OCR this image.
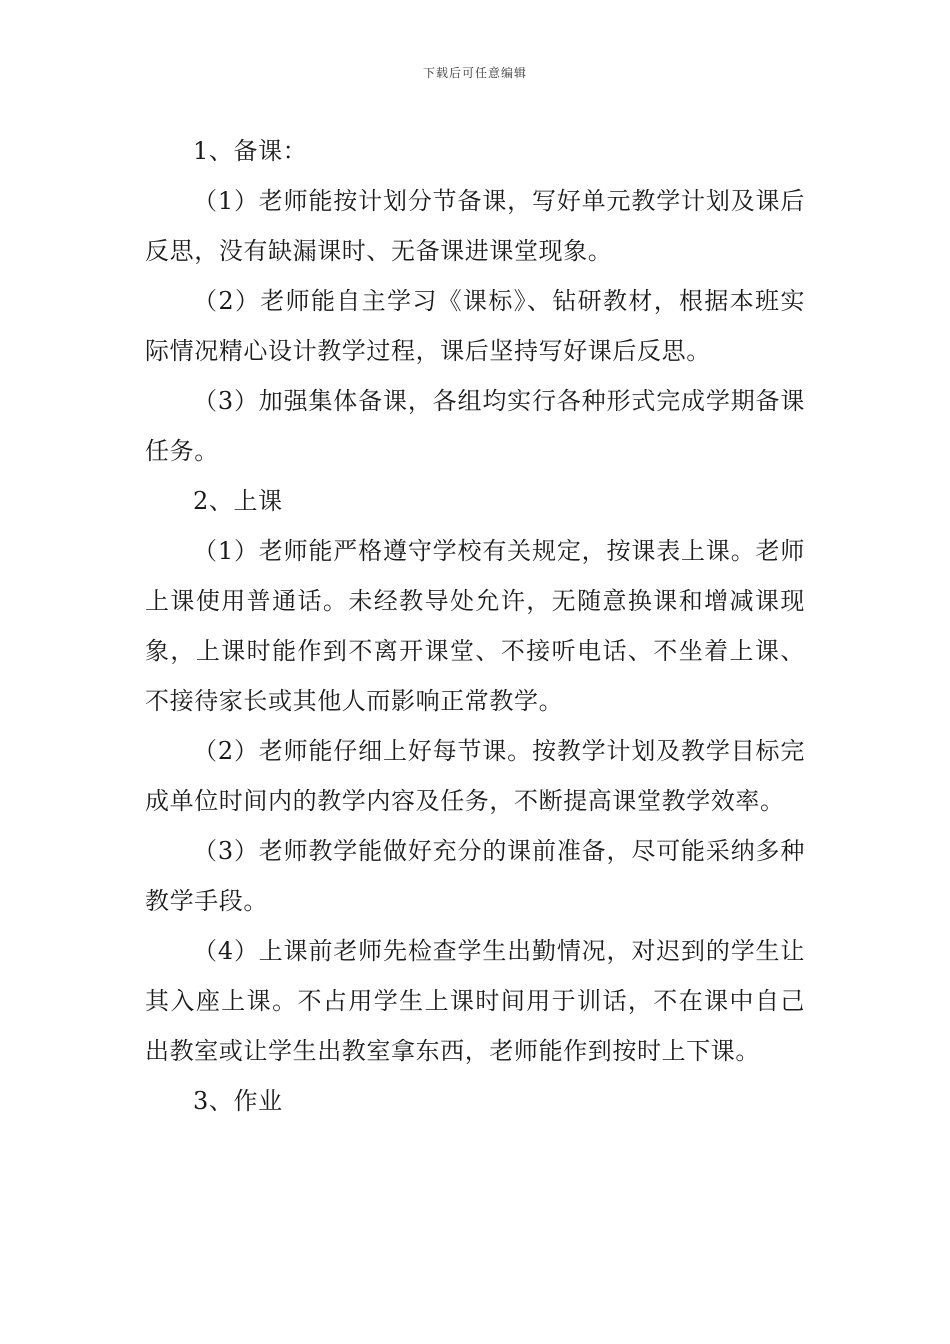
下载后可任意编辑

1、备课：

（1）老师能按计划分节备课，写好单元教学计划及课后反思，没有缺漏课时、无备课进课堂现象。

（2）老师能自主学习《课标》、钻研教材，根据本班实际情况精心设计教学过程，课后坚持写好课后反思。

（3）加强集体备课，各组均实行各种形式完成学期备课任务。

2、上课

（1）老师能严格遵守学校有关规定，按课表上课。老师上课使用普通话。未经教导处允许，无随意换课和增减课现象，上课时能作到不离开课堂、不接听电话、不坐着上课、不接待家长或其他人而影响正常教学。

（2）老师能仔细上好每节课。按教学计划及教学目标完成单位时间内的教学内容及任务，不断提高课堂教学效率。

（3）老师教学能做好充分的课前准备，尽可能采纳多种教学手段。

（4）上课前老师先检查学生出勤情况，对迟到的学生让其入座上课。不占用学生上课时间用于训话，不在课中自己出教室或让学生出教室拿东西，老师能作到按时上下课。

3、作业
